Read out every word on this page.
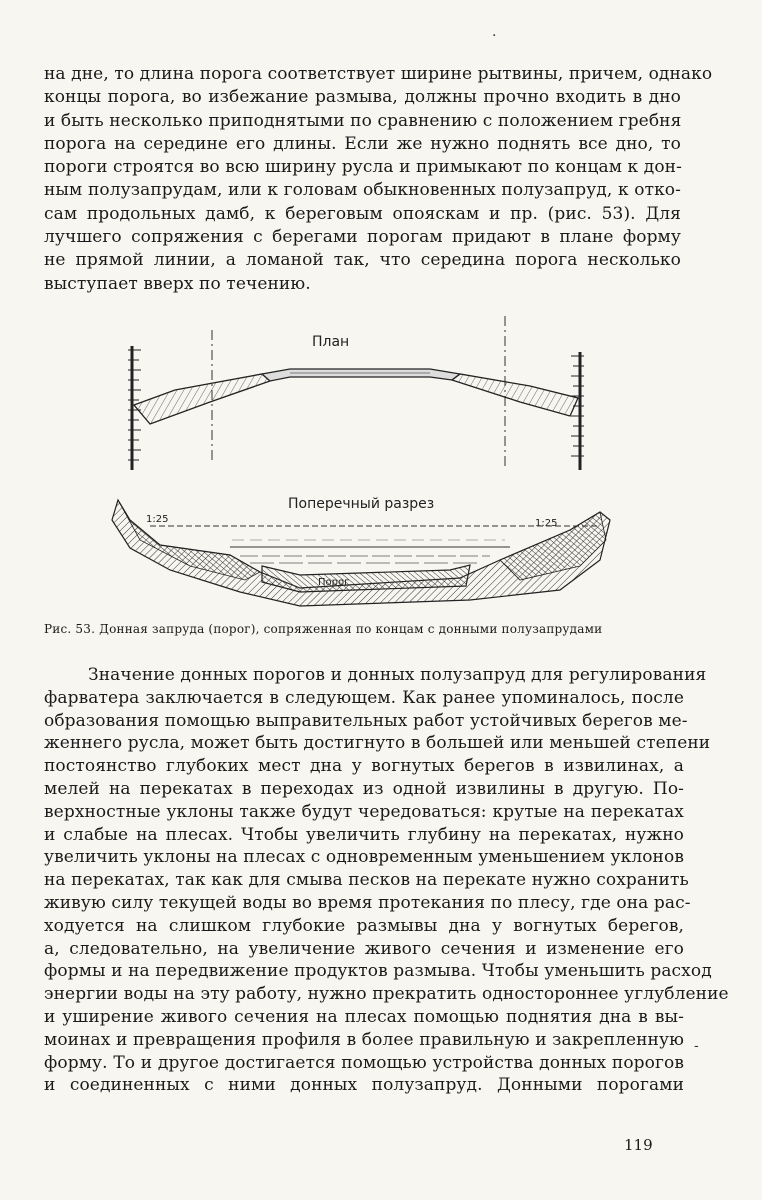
·
на дне, то длина порога соответствует ширине рытвины, причем, однако
концы порога, во избежание размыва, должны прочно входить в дно
и быть несколько приподнятыми по сравнению с положением гребня
порога на середине его длины. Если же нужно поднять все дно, то
пороги строятся во всю ширину русла и примыкают по концам к дон-
ным полузапрудам, или к головам обыкновенных полузапруд, к отко-
сам продольных дамб, к береговым опояскам и пр. (рис. 53). Для
лучшего сопряжения с берегами порогам придают в плане форму
не прямой линии, а ломаной так, что середина порога несколько
выступает вверх по течению.
План
Поперечный разрез
1:25	1:25
Порог
Рис. 53. Донная запруда (порог), сопряженная по концам с донными полузапрудами
Значение донных порогов и донных полузапруд для регулирования
фарватера заключается в следующем. Как ранее упоминалось, после
образования помощью выправительных работ устойчивых берегов ме-
женнего русла, может быть достигнуто в большей или меньшей степени
постоянство глубоких мест дна у вогнутых берегов в извилинах, а
мелей на перекатах в переходах из одной извилины в другую. По-
верхностные уклоны также будут чередоваться: крутые на перекатах
и слабые на плесах. Чтобы увеличить глубину на перекатах, нужно
увеличить уклоны на плесах с одновременным уменьшением уклонов
на перекатах, так как для смыва песков на перекате нужно сохранить
живую силу текущей воды во время протекания по плесу, где она рас-
ходуется на слишком глубокие размывы дна у вогнутых берегов,
а, следовательно, на увеличение живого сечения и изменение его
формы и на передвижение продуктов размыва. Чтобы уменьшить расход
энергии воды на эту работу, нужно прекратить одностороннее углубление
и уширение живого сечения на плесах помощью поднятия дна в вы-
моинах и превращения профиля в более правильную и закрепленную
форму. То и другое достигается помощью устройства донных порогов
и соединенных с ними донных полузапруд. Донными порогами
-
119
